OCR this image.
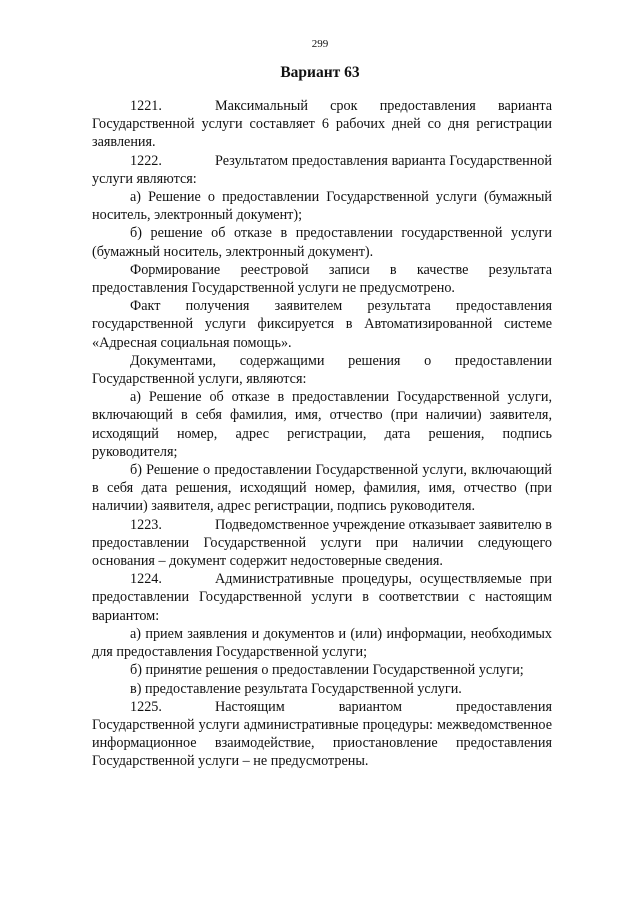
299
Вариант 63

1221.	Максимальный срок предоставления варианта Государственной услуги составляет 6 рабочих дней со дня регистрации заявления.

1222.	Результатом предоставления варианта Государственной услуги являются:

а) Решение о предоставлении Государственной услуги (бумажный носитель, электронный документ);

б) решение об отказе в предоставлении государственной услуги (бумажный носитель, электронный документ).

Формирование реестровой записи в качестве результата предоставления Государственной услуги не предусмотрено.

Факт получения заявителем результата предоставления государственной услуги фиксируется в Автоматизированной системе «Адресная социальная помощь».

Документами, содержащими решения о предоставлении Государственной услуги, являются:

а) Решение об отказе в предоставлении Государственной услуги, включающий в себя фамилия, имя, отчество (при наличии) заявителя, исходящий номер, адрес регистрации, дата решения, подпись руководителя;

б) Решение о предоставлении Государственной услуги, включающий в себя дата решения, исходящий номер, фамилия, имя, отчество (при наличии) заявителя, адрес регистрации, подпись руководителя.

1223.	Подведомственное учреждение отказывает заявителю в предоставлении Государственной услуги при наличии следующего основания – документ содержит недостоверные сведения.

1224.	Административные процедуры, осуществляемые при предоставлении Государственной услуги в соответствии с настоящим вариантом:

а) прием заявления и документов и (или) информации, необходимых для предоставления Государственной услуги;

б) принятие решения о предоставлении Государственной услуги;

в) предоставление результата Государственной услуги.

1225.	Настоящим вариантом предоставления Государственной услуги административные процедуры: межведомственное информационное взаимодействие, приостановление предоставления Государственной услуги – не предусмотрены.
